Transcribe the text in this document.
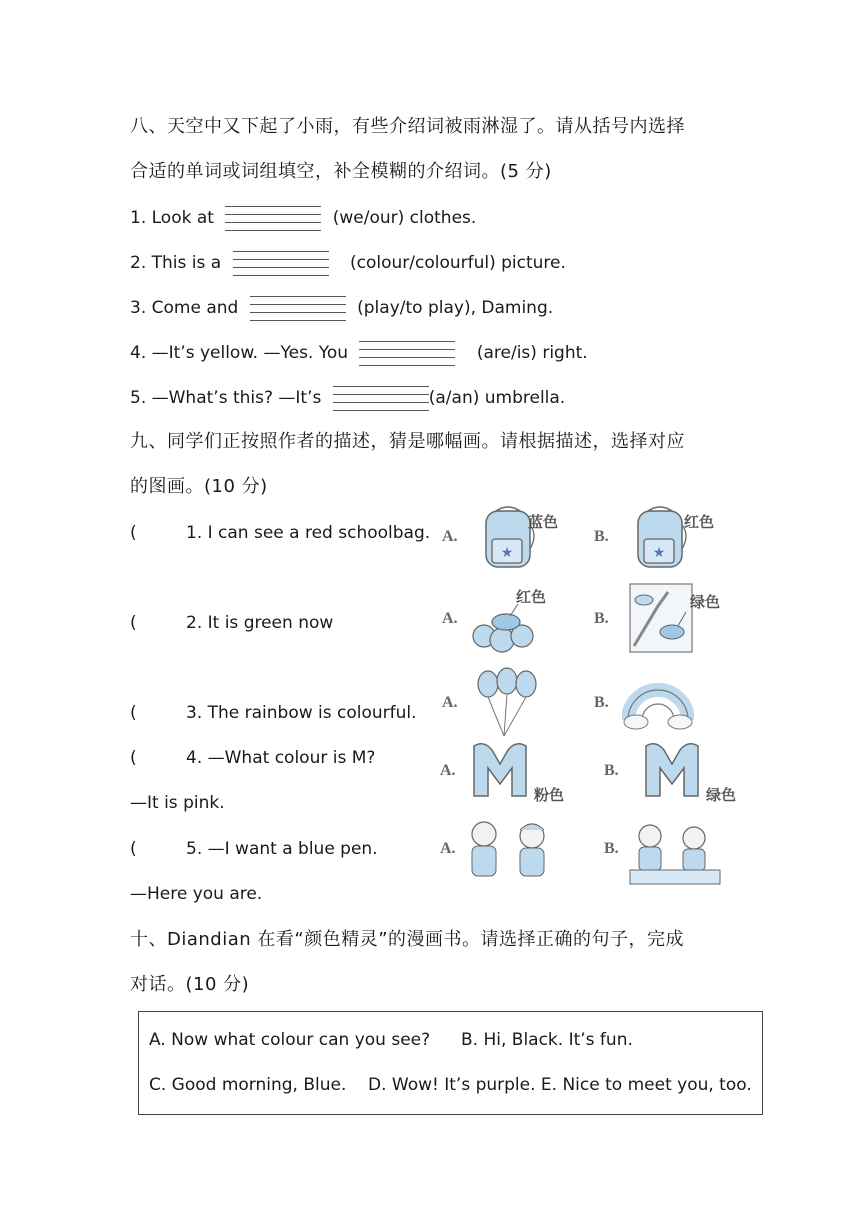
八、天空中又下起了小雨，有些介绍词被雨淋湿了。请从括号内选择
合适的单词或词组填空，补全模糊的介绍词。(5 分)
1. Look at	(we/our) clothes.
2. This is a	(colour/colourful) picture.
3. Come and	(play/to play), Daming.
4. —It’s yellow. —Yes. You	(are/is) right.
5. —What’s this? —It’s	(a/an) umbrella.
九、同学们正按照作者的描述，猜是哪幅画。请根据描述，选择对应
的图画。(10 分)
(	1. I can see a red schoolbag.
(	2. It is green now
(	3. The rainbow is colourful.
(	4. —What colour is M?
—It is pink.
(	5. —I want a blue pen.
—Here you are.
A.
★
蓝色
B.
★
红色
A.
红色
B.
绿色
A.	B.
A.
粉色
B.
绿色
A.	B.
十、Diandian 在看“颜色精灵”的漫画书。请选择正确的句子，完成
对话。(10 分)
A. Now what colour can you see? B. Hi, Black. It’s fun.
C. Good morning, Blue.    D. Wow! It’s purple. E. Nice to meet you, too.
